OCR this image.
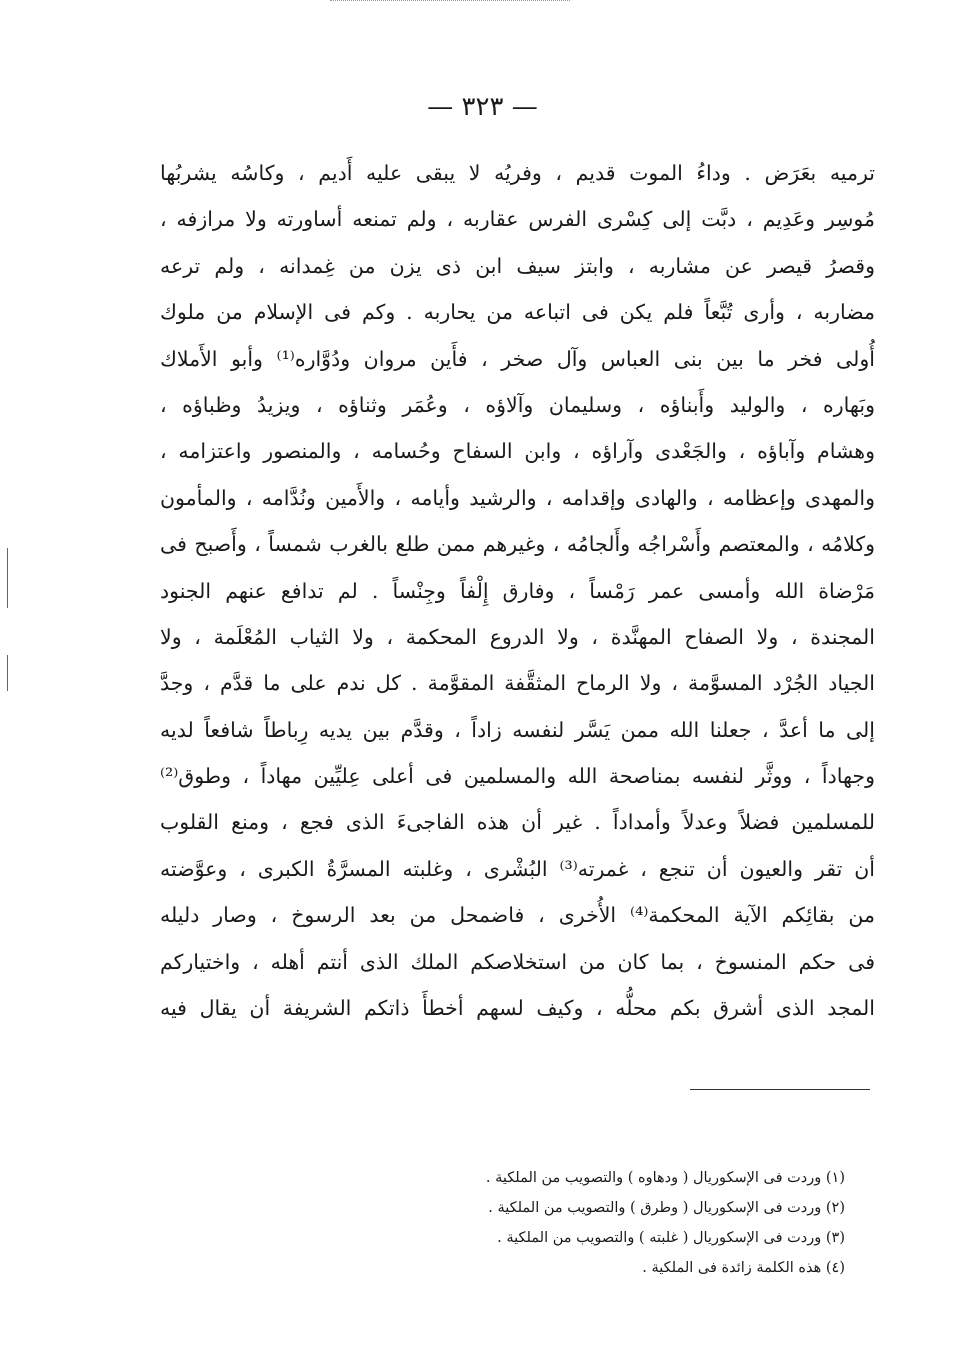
— ٣٢٣ —
ترميه بعَرَض . وداءُ الموت قديم ، وفريُه لا يبقى عليه أَديم ، وكاسُه يشربُها
مُوسِر وعَدِيم ، دبَّت إلى كِسْرى الفرس عقاربه ، ولم تمنعه أساورته ولا مرازفه ،
وقصرُ قيصر عن مشاربه ، وابتز سيف ابن ذى يزن من غِمدانه ، ولم ترعه
مضاربه ، وأرى تُبَّعاً فلم يكن فى اتباعه من يحاربه . وكم فى الإسلام من ملوك
أُولى فخر ما بين بنى العباس وآل صخر ، فأَين مروان ودُوَّاره⁽¹⁾ وأبو الأَملاك
وبَهاره ، والوليد وأَبناؤه ، وسليمان وآلاؤه ، وعُمَر وثناؤه ، ويزيدُ وظباؤه ،
وهشام وآباؤه ، والجَعْدى وآراؤه ، وابن السفاح وحُسامه ، والمنصور واعتزامه ،
والمهدى وإعظامه ، والهادى وإقدامه ، والرشيد وأيامه ، والأَمين ونُدَّامه ، والمأمون
وكلامُه ، والمعتصم وأَسْراجُه وأَلجامُه ، وغيرهم ممن طلع بالغرب شمساً ، وأَصبح فى
مَرْضاة الله وأمسى عمر رَمْساً ، وفارق إِلْفاً وجِنْساً . لم تدافع عنهم الجنود
المجندة ، ولا الصفاح المهنَّدة ، ولا الدروع المحكمة ، ولا الثياب المُعْلَمة ، ولا
الجياد الجُرْد المسوَّمة ، ولا الرماح المثقَّفة المقوَّمة . كل ندم على ما قدَّم ، وجدَّ
إلى ما أعدَّ ، جعلنا الله ممن يَسَّر لنفسه زاداً ، وقدَّم بين يديه رِباطاً شافعاً لديه
وجهاداً ، ووثَّر لنفسه بمناصحة الله والمسلمين فى أعلى عِليِّين مهاداً ، وطوق⁽²⁾
للمسلمين فضلاً وعدلاً وأمداداً . غير أن هذه الفاجىءَ الذى فجع ، ومنع القلوب
أن تقر والعيون أن تنجع ، غمرته⁽³⁾ البُشْرى ، وغلبته المسرَّةُ الكبرى ، وعوَّضته
من بقائِكم الآية المحكمة⁽⁴⁾ الأُخرى ، فاضمحل من بعد الرسوخ ، وصار دليله
فى حكم المنسوخ ، بما كان من استخلاصكم الملك الذى أنتم أهله ، واختياركم
المجد الذى أشرق بكم محلُّه ، وكيف لسهم أخطأَ ذاتكم الشريفة أن يقال فيه
(١) وردت فى الإسكوريال ( ودهاوه ) والتصويب من الملكية .
(٢) وردت فى الإسكوريال ( وطرق ) والتصويب من الملكية .
(٣) وردت فى الإسكوريال ( غلبته ) والتصويب من الملكية .
(٤) هذه الكلمة زائدة فى الملكية .
